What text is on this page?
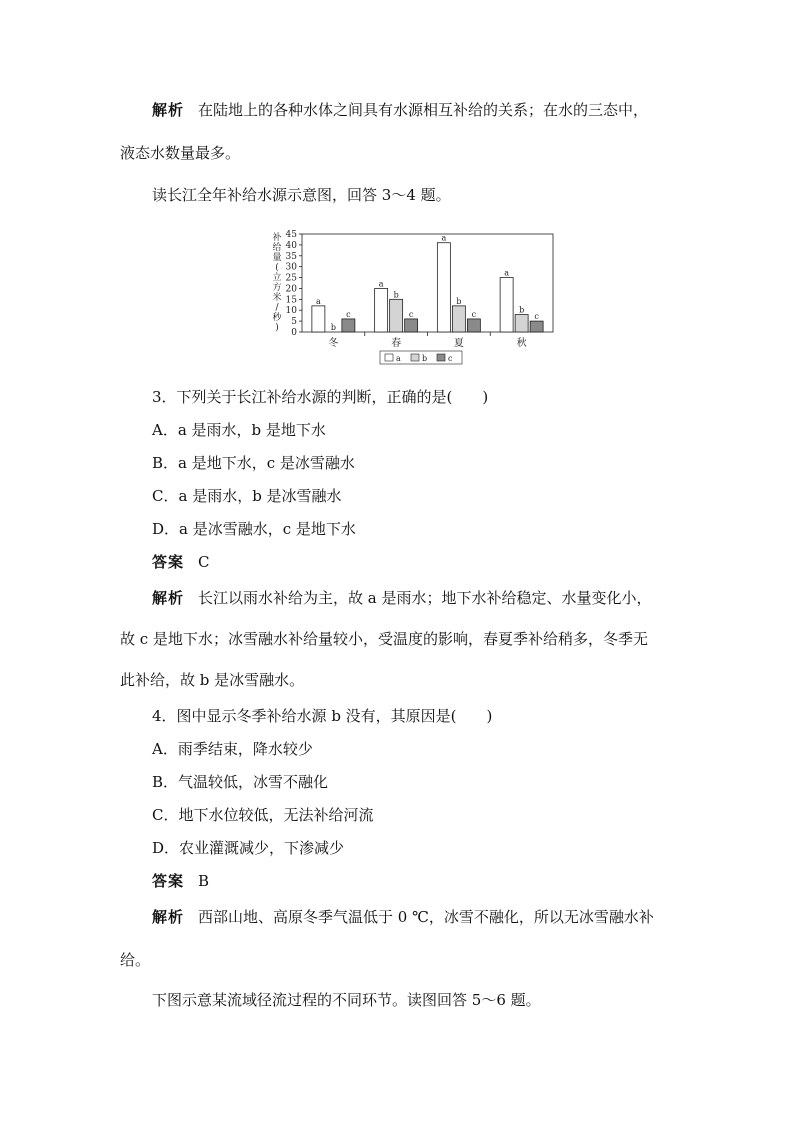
解析 在陆地上的各种水体之间具有水源相互补给的关系；在水的三态中，
液态水数量最多。
读长江全年补给水源示意图，回答 3～4 题。
0
5
10
15
20
25
30
35
40
45
补
给
量
(
立
方
米
/
秒
)
冬	春	夏	秋
a
b
c
a
b
c
a
b
c
a
b
c
a	b	c
3．下列关于长江补给水源的判断，正确的是(　　)
A．a 是雨水，b 是地下水
B．a 是地下水，c 是冰雪融水
C．a 是雨水，b 是冰雪融水
D．a 是冰雪融水，c 是地下水
答案 C
解析 长江以雨水补给为主，故 a 是雨水；地下水补给稳定、水量变化小，
故 c 是地下水；冰雪融水补给量较小，受温度的影响，春夏季补给稍多，冬季无
此补给，故 b 是冰雪融水。
4．图中显示冬季补给水源 b 没有，其原因是(　　)
A．雨季结束，降水较少
B．气温较低，冰雪不融化
C．地下水位较低，无法补给河流
D．农业灌溉减少，下渗减少
答案 B
解析 西部山地、高原冬季气温低于 0 ℃，冰雪不融化，所以无冰雪融水补
给。
下图示意某流域径流过程的不同环节。读图回答 5～6 题。
